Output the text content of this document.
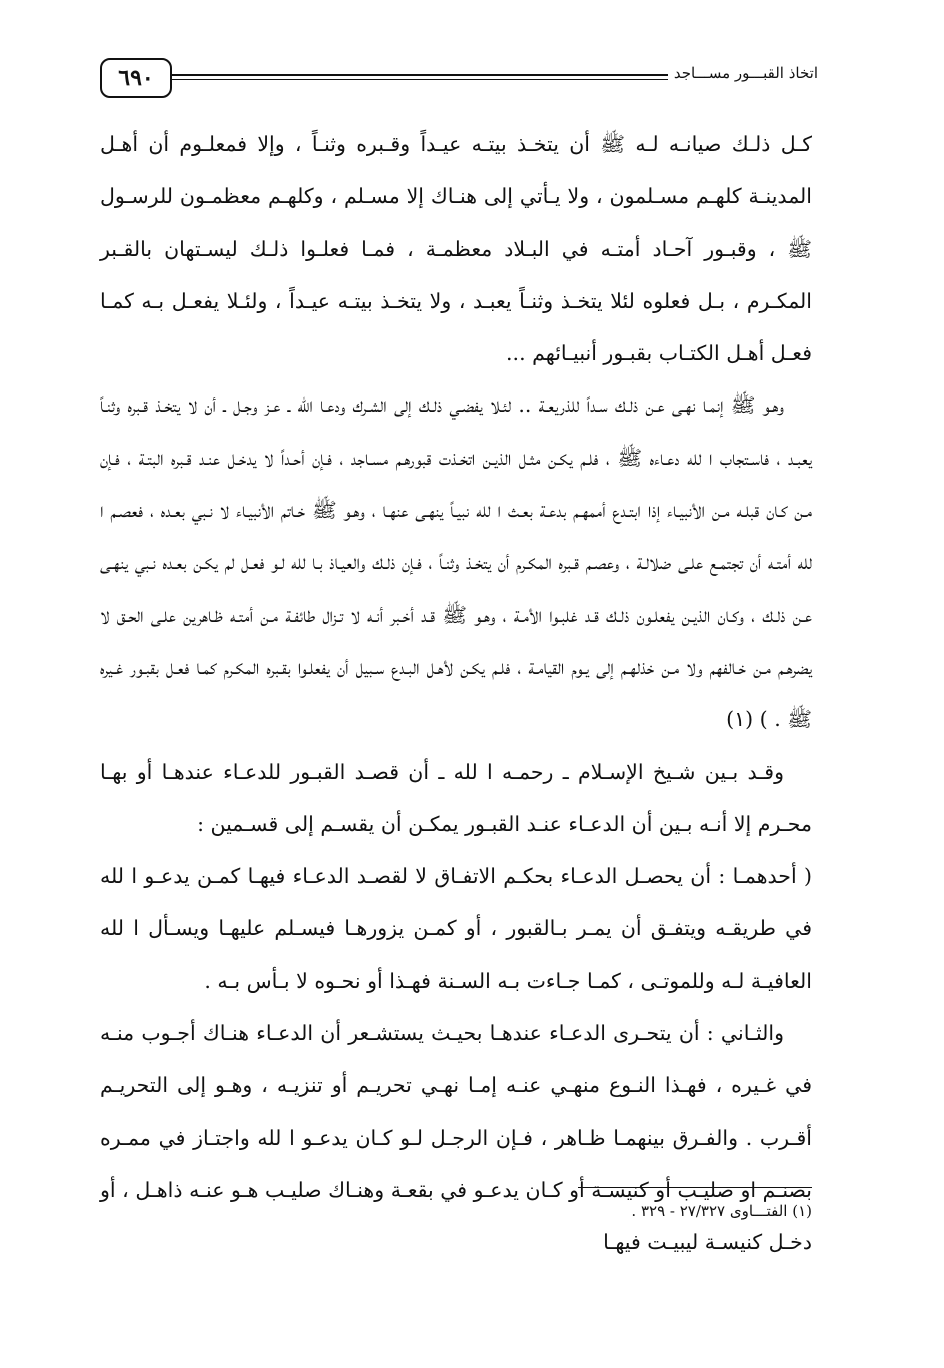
٦٩٠	اتخاذ القبـــور مســـاجد

كـل ذلـك صيانـه لـه ﷺ أن يتخـذ بيتـه عيـداً وقـبره وثنـاً ، وإلا فمعلـوم أن أهـل المدينـة كلهـم مسـلمون ، ولا يـأتي إلى هنـاك إلا مسـلم ، وكلهـم معظمـون للرسـول ﷺ ، وقبـور آحـاد أمتـه في البـلاد معظمـة ، فمـا فعلـوا ذلـك ليسـتهان بالقـبر المكـرم ، بـل فعلوه لئلا يتخـذ وثنـاً يعبـد ، ولا يتخـذ بيتـه عيـداً ، ولئـلا يفعـل بـه كمـا فعـل أهـل الكتـاب بقبـور أنبيـائهم ...

وهـو ﷺ إنمـا نهـى عـن ذلـك سـداً للذريعـة .. لئـلا يفضـي ذلـك إلى الشـرك ودعـا الله ـ عـز وجـل ـ أن لا يتخـذ قـبره وثنـاً يعبـد ، فاسـتجاب ا لله دعـاءه ﷺ ، فلـم يكـن مثـل الذيـن اتخـذت قبورهـم مسـاجد ، فـإن أحـداً لا يدخـل عنـد قـبره البتـة ، فـإن مـن كـان قبلـه مـن الأنبيـاء إذا ابتـدع أممهـم بدعـة بعـث ا لله نبيـاً ينهـى عنهـا ، وهـو ﷺ خـاتم الأنبيـاء لا نـبي بعـده ، فعصـم ا لله أمتـه أن تجتمـع علـى ضلالـة ، وعصـم قـبره المكـرم أن يتخـذ وثنـاً ، فـإن ذلـك والعيـاذ بـا لله لـو فعـل لم يكـن بعـده نـبي ينهـى عـن ذلـك ، وكـان الذيـن يفعلـون ذلـك قـد غلبـوا الأمـة ، وهـو ﷺ قـد أخـبر أنـه لا تـزال طائفـة مـن أمتـه ظـاهرين علـى الحـق لا يضرهـم مـن خـالفهم ولا مـن خذلهـم إلى يـوم القيامـة ، فلـم يكـن لأهـل البـدع سـبيل أن يفعلـوا بقـبره المكـرم كمـا فعـل بقبـور غـيره ﷺ . ) (١)

وقـد بـين شـيخ الإسـلام ـ رحمـه ا لله ـ أن قصـد القبـور للدعـاء عندهـا أو بهـا محـرم إلا أنـه بـين أن الدعـاء عنـد القبـور يمكـن أن يقسـم إلى قسـمين :

( أحدهمـا : أن يحصـل الدعـاء بحكـم الاتفـاق لا لقصـد الدعـاء فيهـا كمـن يدعـو ا لله في طريقـه ويتفـق أن يمـر بـالقبور ، أو كمـن يزورهـا فيسـلم عليهـا ويسـأل ا لله العافيـة لـه وللموتـى ، كمـا جـاءت بـه السـنة فهـذا أو نحـوه لا بـأس بـه .

والثـاني : أن يتحـرى الدعـاء عندهـا بحيـث يستشـعر أن الدعـاء هنـاك أجـوب منـه في غـيره ، فهـذا النـوع منهـي عنـه إمـا نهـي تحريـم أو تنزيـه ، وهـو إلى التحريـم أقـرب . والفـرق بينهمـا ظـاهر ، فـإن الرجـل لـو كـان يدعـو ا لله واجتـاز في ممـره بصنـم او صليـب أو كنيسـة أو كـان يدعـو في بقعـة وهنـاك صليـب هـو عنـه ذاهـل ، أو دخـل كنيسـة ليبيـت فيهـا

(١) الفتـــاوى ٢٧/٣٢٧ - ٣٢٩ .
